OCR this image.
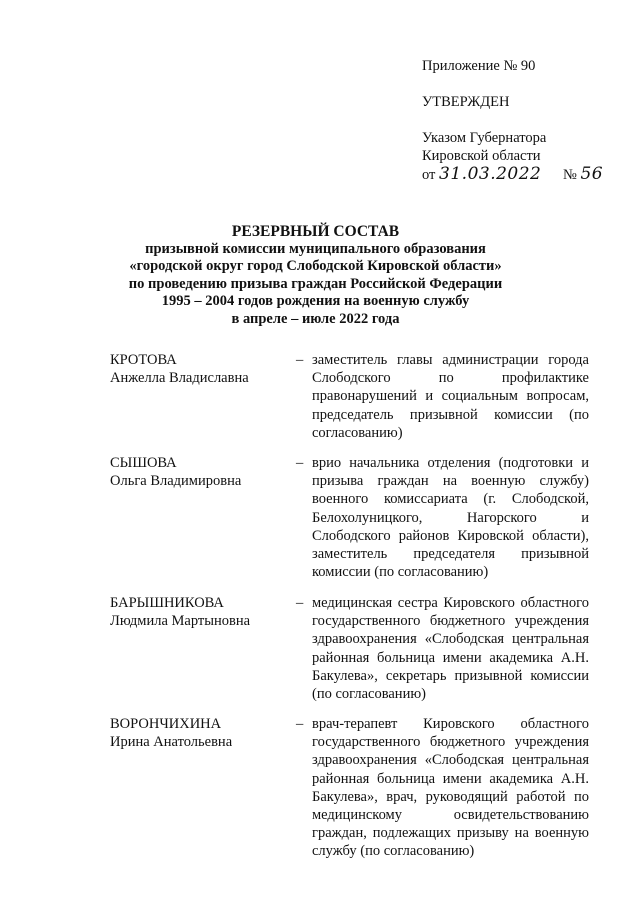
Приложение № 90
УТВЕРЖДЕН
Указом Губернатора
Кировской области
от 31.03.2022 № 56
РЕЗЕРВНЫЙ СОСТАВ
призывной комиссии муниципального образования
«городской округ город Слободской Кировской области»
по проведению призыва граждан Российской Федерации
1995 – 2004 годов рождения на военную службу
в апреле – июле 2022 года
КРОТОВА
Анжелла Владиславна
– заместитель главы администрации города Слободского по профилактике правонарушений и социальным вопросам, председатель призывной комиссии (по согласованию)
СЫШОВА
Ольга Владимировна
– врио начальника отделения (подготовки и призыва граждан на военную службу) военного комиссариата (г. Слободской, Белохолуницкого, Нагорского и Слободского районов Кировской области), заместитель председателя призывной комиссии (по согласованию)
БАРЫШНИКОВА
Людмила Мартыновна
– медицинская сестра Кировского областного государственного бюджетного учреждения здравоохранения «Слободская центральная районная больница имени академика А.Н. Бакулева», секретарь призывной комиссии (по согласованию)
ВОРОНЧИХИНА
Ирина Анатольевна
– врач-терапевт Кировского областного государственного бюджетного учреждения здравоохранения «Слободская центральная районная больница имени академика А.Н. Бакулева», врач, руководящий работой по медицинскому освидетельствованию граждан, подлежащих призыву на военную службу (по согласованию)
